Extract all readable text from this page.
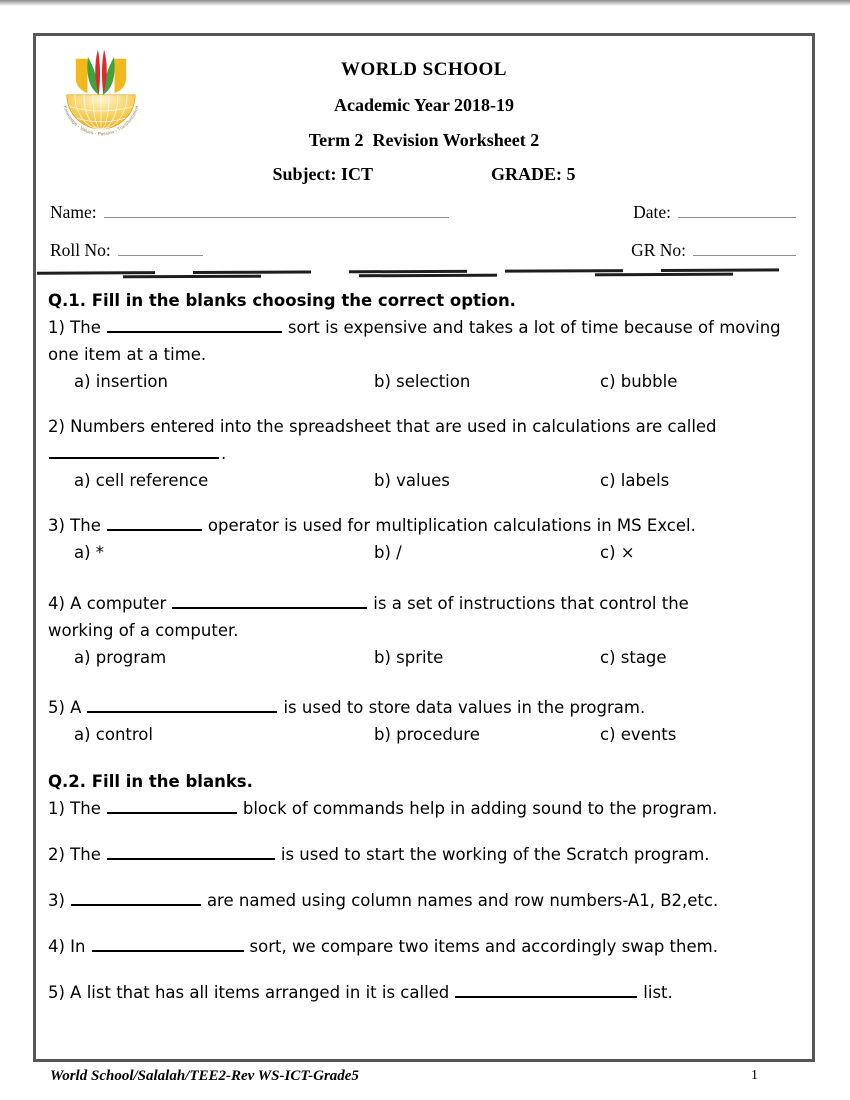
Knowledge - Values - Passion - Transformation
WORLD SCHOOL
Academic Year 2018-19
Term 2  Revision Worksheet 2
Subject: ICT	GRADE: 5
Name:	Date:
Roll No:	GR No:

Q.1. Fill in the blanks choosing the correct option.

1) The	sort is expensive and takes a lot of time because of moving
one item at a time.

a) insertion	b) selection	c) bubble

2) Numbers entered into the spreadsheet that are used in calculations are called
.

a) cell reference	b) values	c) labels

3) The	operator is used for multiplication calculations in MS Excel.

a) *	b) /	c) ×

4) A computer	is a set of instructions that control the
working of a computer.

a) program	b) sprite	c) stage

5) A	is used to store data values in the program.

a) control	b) procedure	c) events

Q.2. Fill in the blanks.

1) The	block of commands help in adding sound to the program.

2) The	is used to start the working of the Scratch program.

3)	are named using column names and row numbers-A1, B2,etc.

4) In	sort, we compare two items and accordingly swap them.

5) A list that has all items arranged in it is called	list.

World School/Salalah/TEE2-Rev WS-ICT-Grade5	1
